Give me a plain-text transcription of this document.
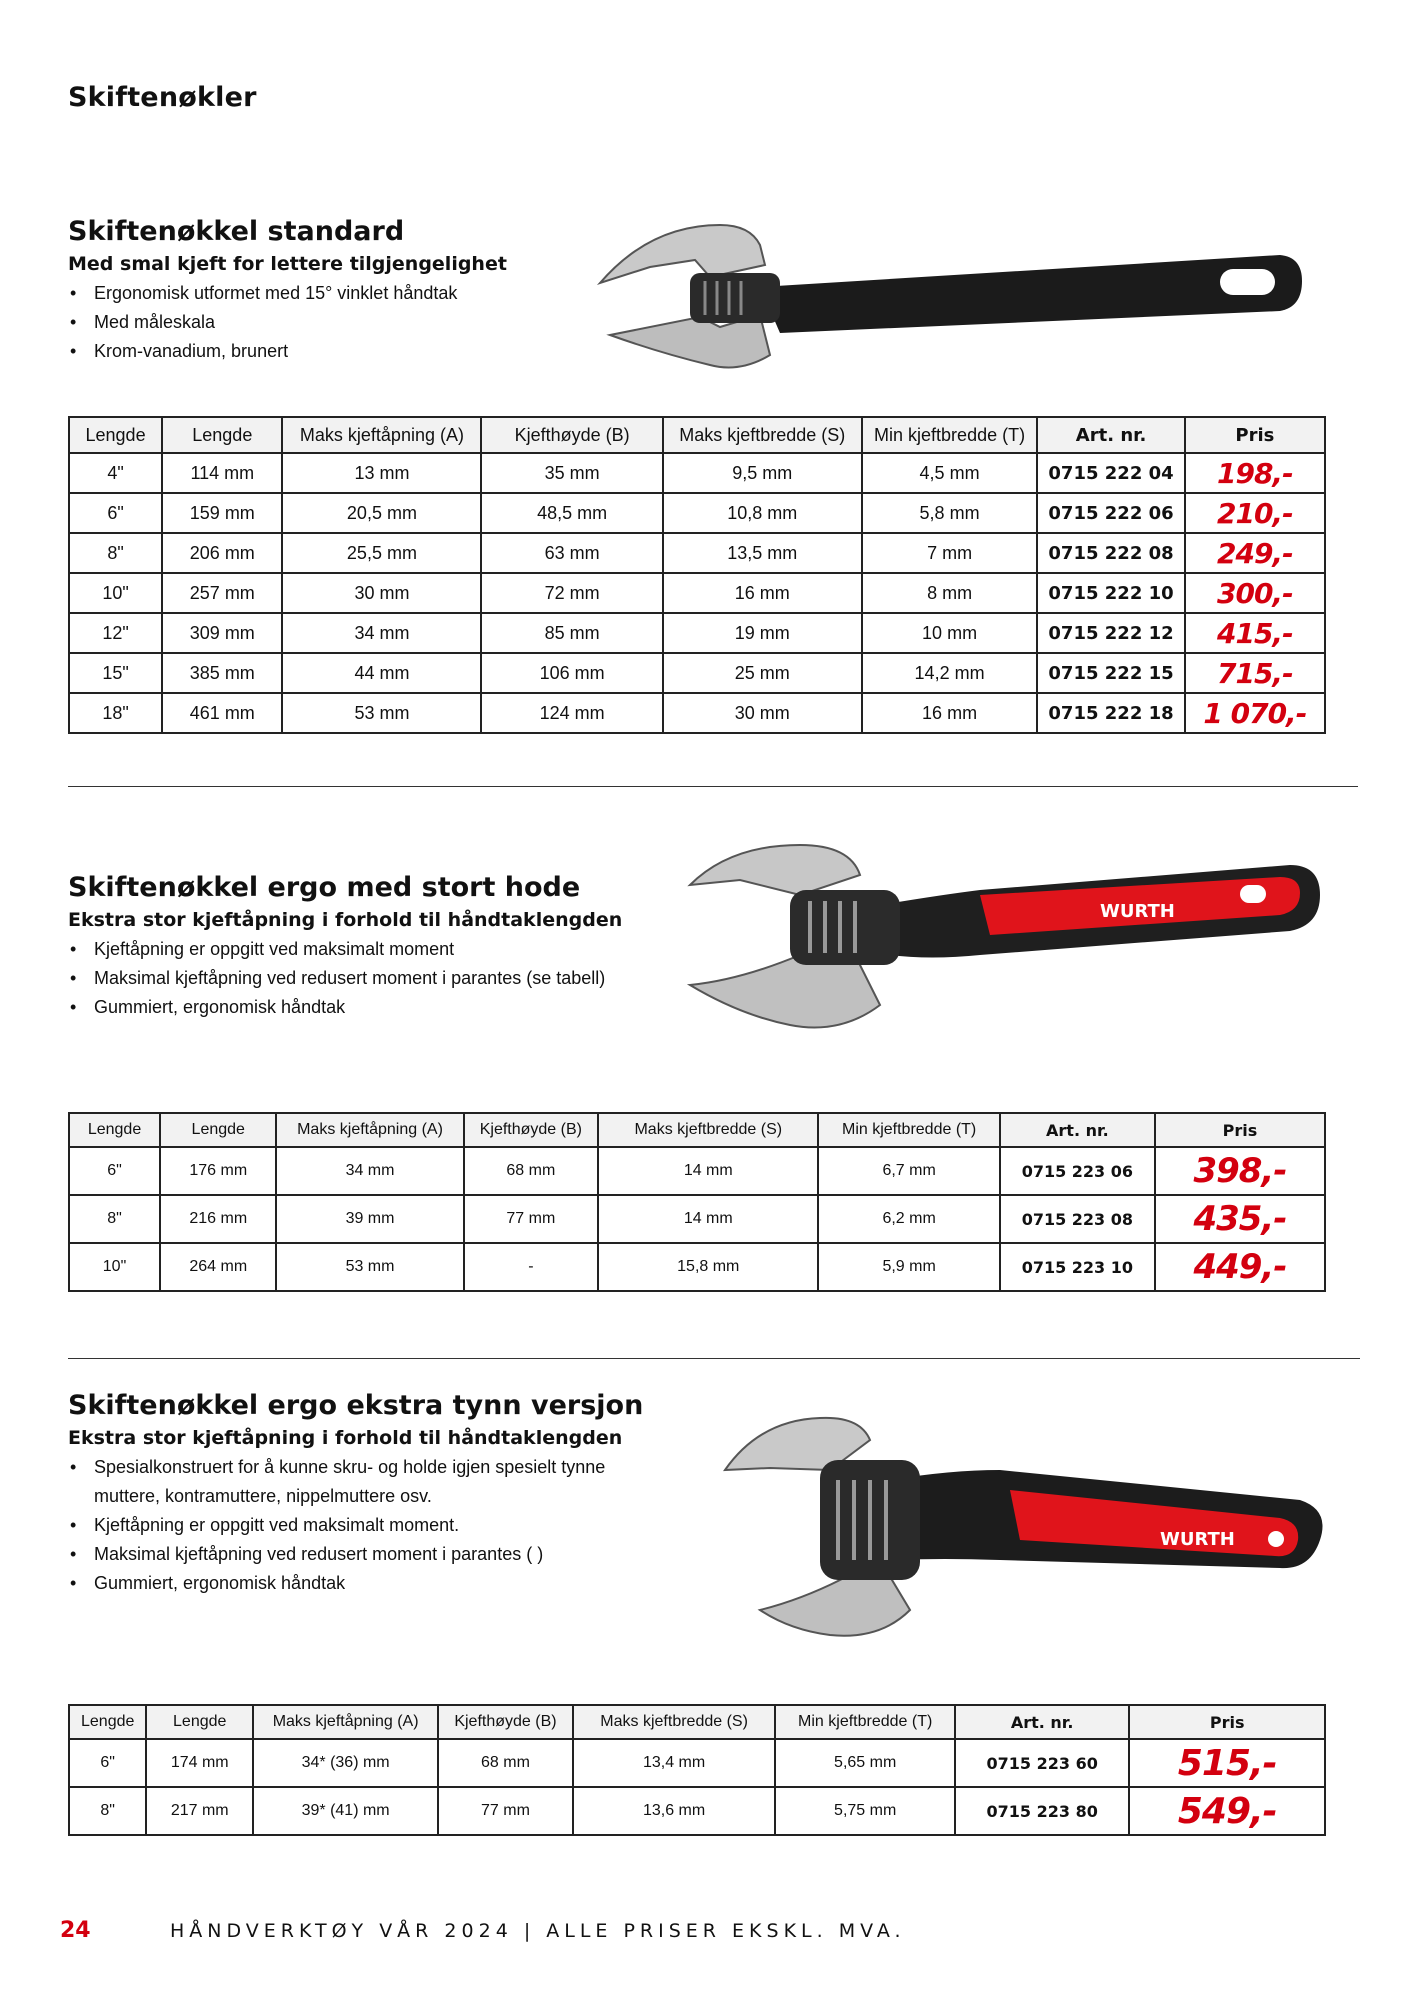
Skiftenøkler
Skiftenøkkel standard
Med smal kjeft for lettere tilgjengelighet
• Ergonomisk utformet med 15° vinklet håndtak
• Med måleskala
• Krom-vanadium, brunert
Lengde	Lengde	Maks kjeftåpning (A)	Kjefthøyde (B)	Maks kjeftbredde (S)	Min kjeftbredde (T)	Art. nr.	Pris
4"	114 mm	13 mm	35 mm	9,5 mm	4,5 mm	0715 222 04	198,-
6"	159 mm	20,5 mm	48,5 mm	10,8 mm	5,8 mm	0715 222 06	210,-
8"	206 mm	25,5 mm	63 mm	13,5 mm	7 mm	0715 222 08	249,-
10"	257 mm	30 mm	72 mm	16 mm	8 mm	0715 222 10	300,-
12"	309 mm	34 mm	85 mm	19 mm	10 mm	0715 222 12	415,-
15"	385 mm	44 mm	106 mm	25 mm	14,2 mm	0715 222 15	715,-
18"	461 mm	53 mm	124 mm	30 mm	16 mm	0715 222 18	1 070,-
Skiftenøkkel ergo med stort hode
Ekstra stor kjeftåpning i forhold til håndtaklengden
• Kjeftåpning er oppgitt ved maksimalt moment
• Maksimal kjeftåpning ved redusert moment i parantes (se tabell)
• Gummiert, ergonomisk håndtak
WURTH
Lengde	Lengde	Maks kjeftåpning (A)	Kjefthøyde (B)	Maks kjeftbredde (S)	Min kjeftbredde (T)	Art. nr.	Pris
6"	176 mm	34 mm	68 mm	14 mm	6,7 mm	0715 223 06	398,-
8"	216 mm	39 mm	77 mm	14 mm	6,2 mm	0715 223 08	435,-
10"	264 mm	53 mm	-	15,8 mm	5,9 mm	0715 223 10	449,-
Skiftenøkkel ergo ekstra tynn versjon
Ekstra stor kjeftåpning i forhold til håndtaklengden
• Spesialkonstruert for å kunne skru- og holde igjen spesielt tynne muttere, kontramuttere, nippelmuttere osv.
• Kjeftåpning er oppgitt ved maksimalt moment.
• Maksimal kjeftåpning ved redusert moment i parantes ( )
• Gummiert, ergonomisk håndtak
WURTH
Lengde	Lengde	Maks kjeftåpning (A)	Kjefthøyde (B)	Maks kjeftbredde (S)	Min kjeftbredde (T)	Art. nr.	Pris
6"	174 mm	34* (36) mm	68 mm	13,4 mm	5,65 mm	0715 223 60	515,-
8"	217 mm	39* (41) mm	77 mm	13,6 mm	5,75 mm	0715 223 80	549,-
24	HÅNDVERKTØY VÅR 2024 | ALLE PRISER EKSKL. MVA.
